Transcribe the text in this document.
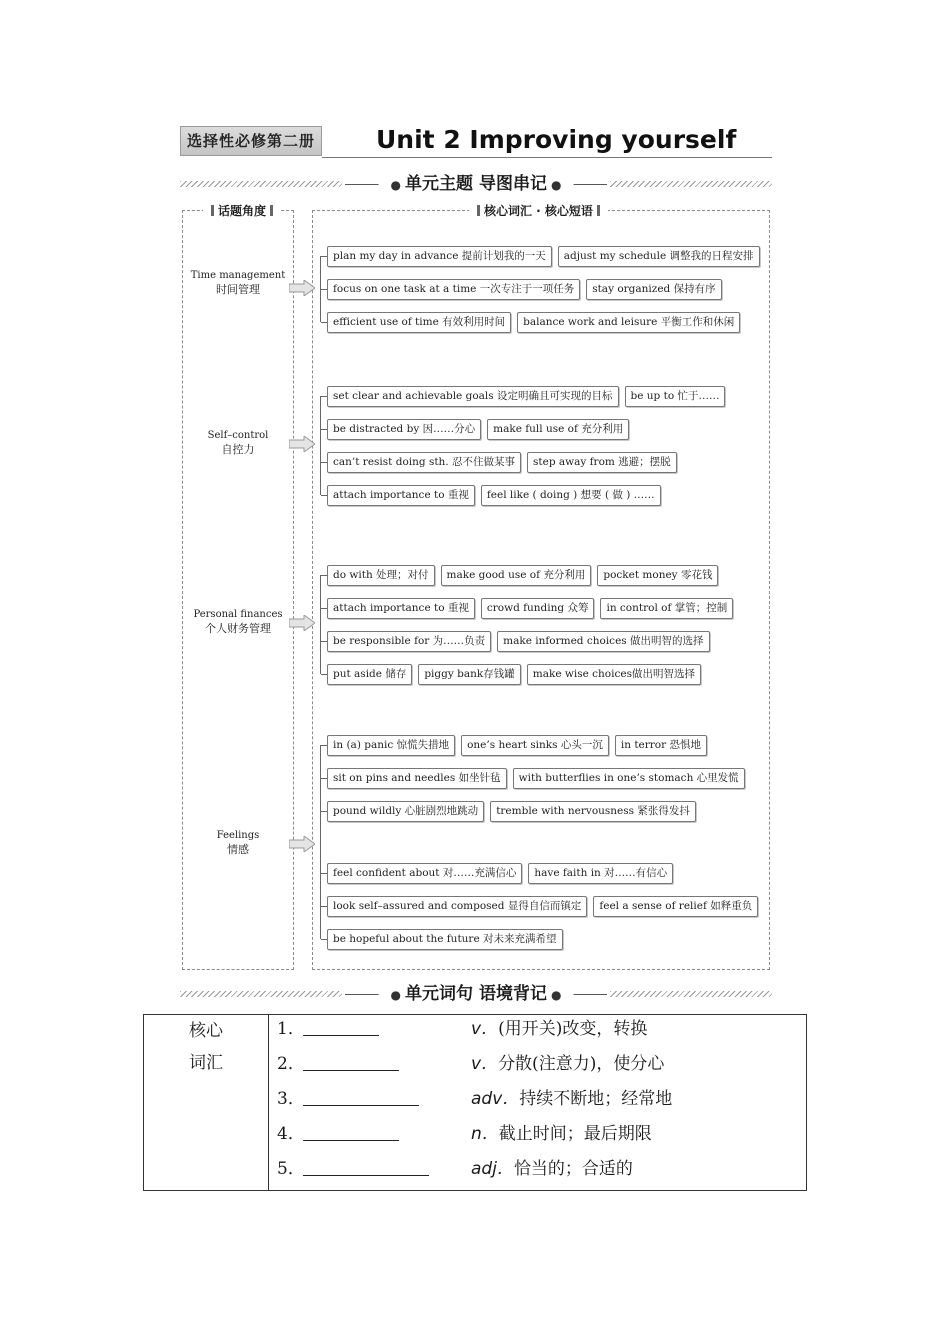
选择性必修第二册 Unit 2 Improving yourself
● 单元主题 导图串记 ●
话题角度
Time management
时间管理
Self–control
自控力
Personal finances
个人财务管理
Feelings
情感
核心词汇 · 核心短语
plan my day in advance 提前计划我的一天	adjust my schedule 调整我的日程安排
focus on one task at a time 一次专注于一项任务	stay organized 保持有序
efficient use of time 有效利用时间	balance work and leisure 平衡工作和休闲
set clear and achievable goals 设定明确且可实现的目标	be up to 忙于……
be distracted by 因……分心	make full use of 充分利用
can’t resist doing sth. 忍不住做某事	step away from 逃避；摆脱
attach importance to 重视	feel like ( doing ) 想要 ( 做 ) ……
do with 处理；对付	make good use of 充分利用	pocket money 零花钱
attach importance to 重视	crowd funding 众筹	in control of 掌管；控制
be responsible for 为……负责	make informed choices 做出明智的选择
put aside 储存	piggy bank存钱罐	make wise choices做出明智选择
in (a) panic 惊慌失措地	one’s heart sinks 心头一沉	in terror 恐惧地
sit on pins and needles 如坐针毡	with butterflies in one’s stomach 心里发慌
pound wildly 心脏剧烈地跳动	tremble with nervousness 紧张得发抖
feel confident about 对……充满信心	have faith in 对……有信心
look self–assured and composed 显得自信而镇定	feel a sense of relief 如释重负
be hopeful about the future 对未来充满希望
● 单元词句 语境背记 ●
核心
词汇
1．	v．(用开关)改变，转换
2．	v．分散(注意力)，使分心
3．	adv．持续不断地；经常地
4．	n．截止时间；最后期限
5．	adj．恰当的；合适的
